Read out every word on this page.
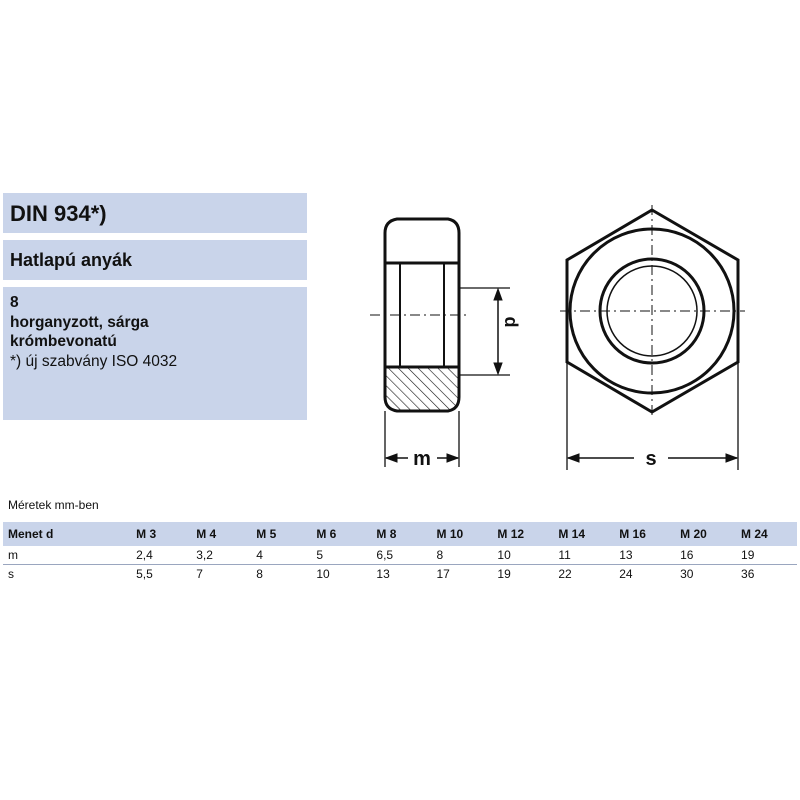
DIN 934*)
Hatlapú anyák
8
horganyzott, sárga
krómbevonatú
*) új szabvány ISO 4032
d
m	s
Méretek mm-ben
Menet d	M 3	M 4	M 5	M 6	M 8	M 10	M 12	M 14	M 16	M 20	M 24
m	2,4	3,2	4	5	6,5	8	10	11	13	16	19
s	5,5	7	8	10	13	17	19	22	24	30	36
